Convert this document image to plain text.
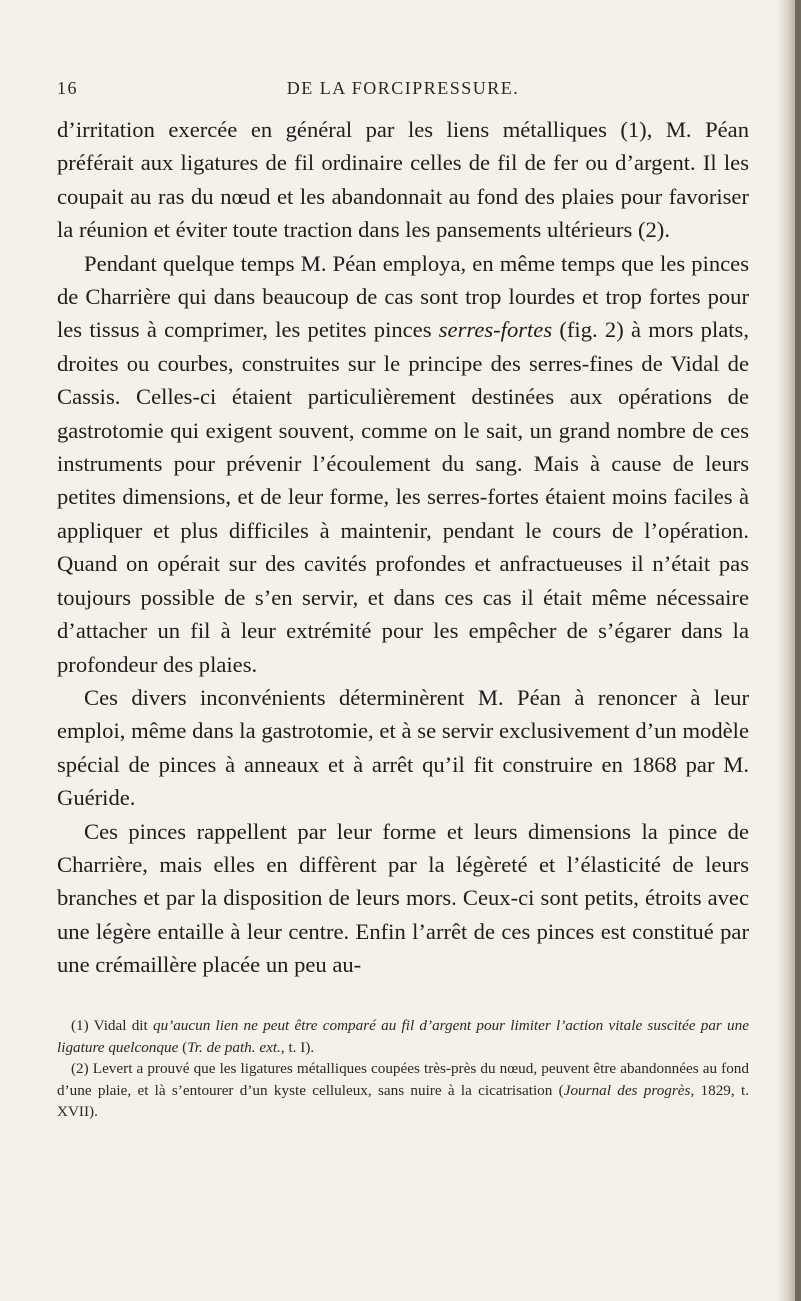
16	DE LA FORCIPRESSURE.

d’irritation exercée en général par les liens métalliques (1), M. Péan préférait aux ligatures de fil ordinaire celles de fil de fer ou d’argent. Il les coupait au ras du nœud et les abandonnait au fond des plaies pour favoriser la réunion et éviter toute traction dans les pansements ultérieurs (2).

Pendant quelque temps M. Péan employa, en même temps que les pinces de Charrière qui dans beaucoup de cas sont trop lourdes et trop fortes pour les tissus à comprimer, les petites pinces serres-fortes (fig. 2) à mors plats, droites ou courbes, construites sur le principe des serres-fines de Vidal de Cassis. Celles-ci étaient particulièrement destinées aux opérations de gastrotomie qui exigent souvent, comme on le sait, un grand nombre de ces instruments pour prévenir l’écoulement du sang. Mais à cause de leurs petites dimensions, et de leur forme, les serres-fortes étaient moins faciles à appliquer et plus difficiles à maintenir, pendant le cours de l’opération. Quand on opérait sur des cavités profondes et anfractueuses il n’était pas toujours possible de s’en servir, et dans ces cas il était même nécessaire d’attacher un fil à leur extrémité pour les empêcher de s’égarer dans la profondeur des plaies.

Ces divers inconvénients déterminèrent M. Péan à renoncer à leur emploi, même dans la gastrotomie, et à se servir exclusivement d’un modèle spécial de pinces à anneaux et à arrêt qu’il fit construire en 1868 par M. Guéride.

Ces pinces rappellent par leur forme et leurs dimensions la pince de Charrière, mais elles en diffèrent par la légèreté et l’élasticité de leurs branches et par la disposition de leurs mors. Ceux-ci sont petits, étroits avec une légère entaille à leur centre. Enfin l’arrêt de ces pinces est constitué par une crémaillère placée un peu au-

(1) Vidal dit qu’aucun lien ne peut être comparé au fil d’argent pour limiter l’action vitale suscitée par une ligature quelconque (Tr. de path. ext., t. I).

(2) Levert a prouvé que les ligatures métalliques coupées très-près du nœud, peuvent être abandonnées au fond d’une plaie, et là s’entourer d’un kyste celluleux, sans nuire à la cicatrisation (Journal des progrès, 1829, t. XVII).
